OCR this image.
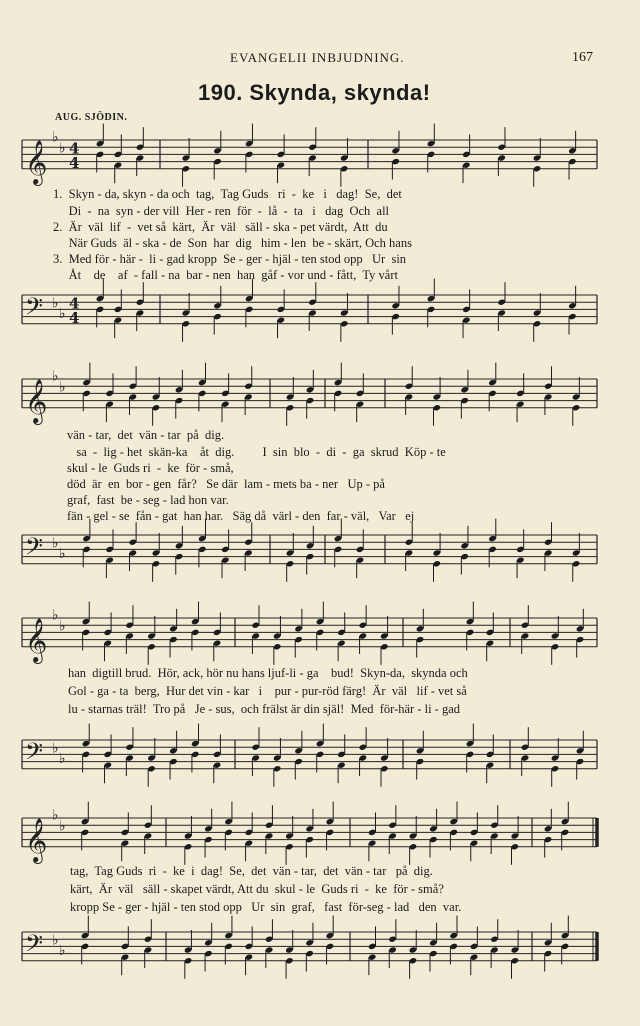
EVANGELII INBJUDNING.	167
190. Skynda, skynda!
AUG. SJÖDIN.
𝄞
♭
♭ 4
4
1.  Skyn - da, skyn - da och  tag,  Tag Guds   ri  -  ke   i   dag!  Se,  det
Di  -  na  syn - der vill  Her - ren  för  -  lå  -  ta   i   dag  Och  all
2.  Är  väl  lif  -  vet så  kärt,  Är  väl   säll - ska - pet värdt,  Att  du
När Guds  äl - ska - de  Son  har  dig   him - len  be - skärt, Och hans
3.  Med för - här -  li - gad kropp  Se - ger - hjäl - ten stod opp   Ur  sin
Åt    de    af  - fall - na  bar - nen  han  gåf - vor und - fått,  Ty vårt
𝄢 ♭
♭
4
4
𝄞
♭
♭
vän - tar,  det  vän - tar  på  dig.
sa  -  lig - het  skän-ka    åt  dig.         I  sin  blo  -  di  -  ga  skrud  Köp - te
skul - le  Guds ri  -  ke  för - små,
död  är  en  bor - gen  får?   Se där  lam - mets ba - ner   Up - på
graf,  fast  be - seg - lad hon var.
fän - gel - se  fån - gat  han har.   Säg då  värl - den  far - väl,   Var   ej
𝄢 ♭
♭
𝄞
♭
♭
han  digtill brud.  Hör, ack, hör nu hans ljuf-li - ga    bud!  Skyn-da,  skynda och
Gol - ga - ta  berg,  Hur det vin - kar   i    pur - pur-röd färg!  Är  väl   lif - vet så
lu - starnas träl!  Tro på   Je - sus,  och frälst är din själ!  Med  för-här - li - gad
𝄢 ♭
♭
𝄞
♭
♭
tag,  Tag Guds  ri  -  ke  i  dag!  Se,  det  vän - tar,  det  vän - tar   på  dig.
kärt,  Är  väl   säll - skapet värdt, Att du  skul - le  Guds ri  -  ke  för - små?
kropp Se - ger - hjäl - ten stod opp   Ur  sin  graf,   fast  för-seg - lad   den  var.
𝄢 ♭
♭
